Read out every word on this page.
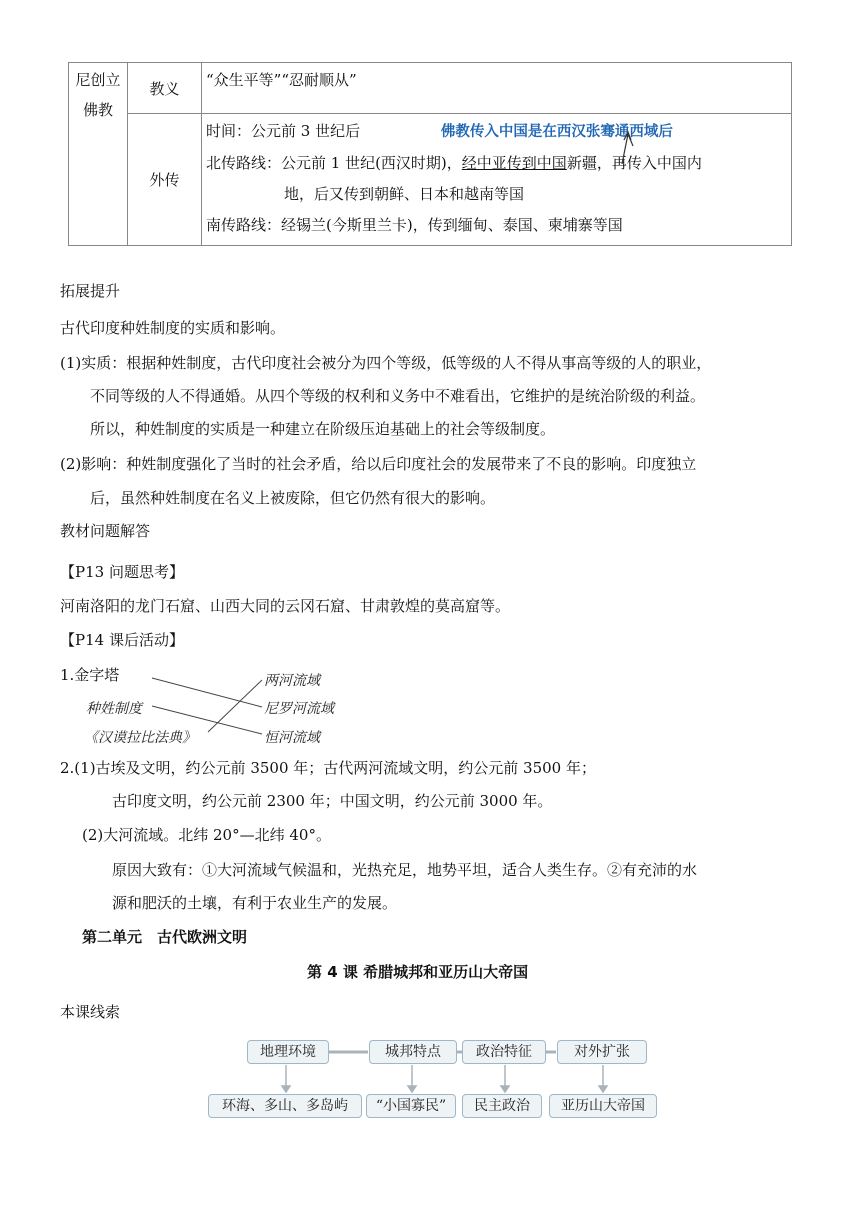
尼创立
佛教	教义	“众生平等”“忍耐顺从”
	外传	时间：公元前 3 世纪后 佛教传入中国是在西汉张骞通西域后
北传路线：公元前 1 世纪(西汉时期)，经中亚传到中国新疆，再传入中国内
地，后又传到朝鲜、日本和越南等国
南传路线：经锡兰(今斯里兰卡)，传到缅甸、泰国、柬埔寨等国
拓展提升
古代印度种姓制度的实质和影响。
(1)实质：根据种姓制度，古代印度社会被分为四个等级，低等级的人不得从事高等级的人的职业，
不同等级的人不得通婚。从四个等级的权利和义务中不难看出，它维护的是统治阶级的利益。
所以，种姓制度的实质是一种建立在阶级压迫基础上的社会等级制度。
(2)影响：种姓制度强化了当时的社会矛盾，给以后印度社会的发展带来了不良的影响。印度独立
后，虽然种姓制度在名义上被废除，但它仍然有很大的影响。
教材问题解答
【P13 问题思考】
河南洛阳的龙门石窟、山西大同的云冈石窟、甘肃敦煌的莫高窟等。
【P14 课后活动】
1.金字塔
种姓制度
《汉谟拉比法典》
两河流域
尼罗河流域
恒河流域
2.(1)古埃及文明，约公元前 3500 年；古代两河流域文明，约公元前 3500 年；
古印度文明，约公元前 2300 年；中国文明，约公元前 3000 年。
(2)大河流域。北纬 20°—北纬 40°。
原因大致有：①大河流域气候温和，光热充足，地势平坦，适合人类生存。②有充沛的水
源和肥沃的土壤，有利于农业生产的发展。
第二单元　古代欧洲文明
第 4 课 希腊城邦和亚历山大帝国
本课线索
地理环境	城邦特点	政治特征	对外扩张
环海、多山、多岛屿	“小国寡民”	民主政治	亚历山大帝国
